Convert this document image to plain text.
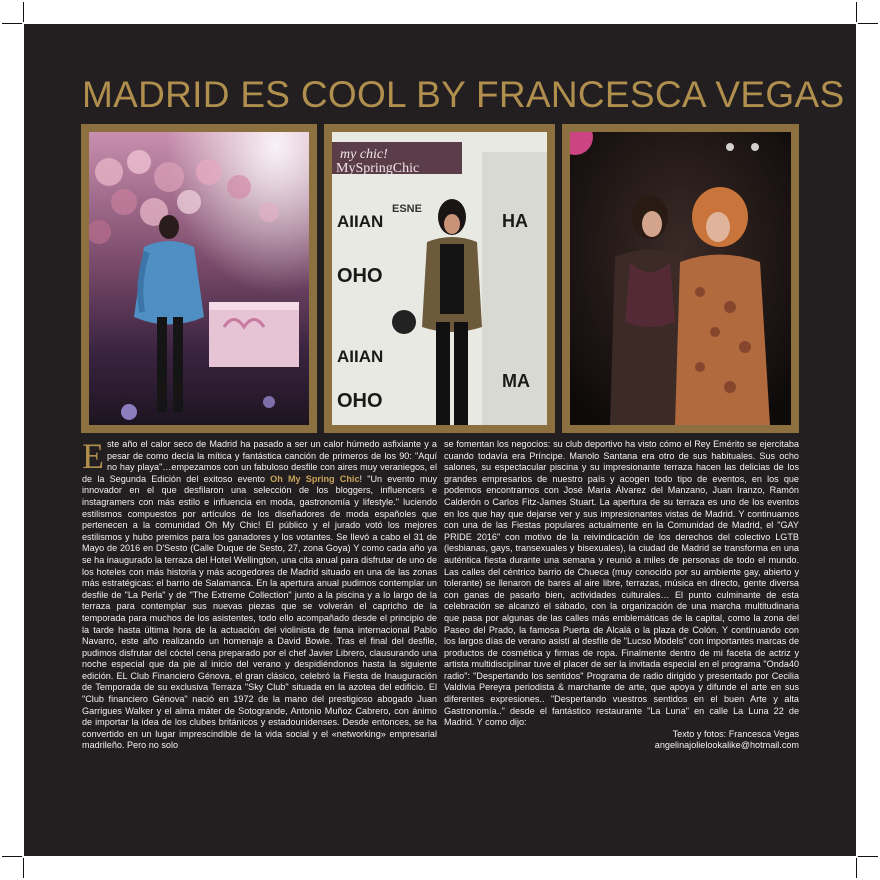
MADRID ES COOL BY FRANCESCA VEGAS
my chic!
MySpringChic
AIIAN
OHO
AIIAN
OHO
ESNE
HA
MA

Este año el calor seco de Madrid ha pasado a ser un calor húmedo asfixiante y a pesar de como decía la mítica y fantástica canción de primeros de los 90: "Aquí no hay playa"…empezamos con un fabuloso desfile con aires muy veraniegos, el de la Segunda Edición del exitoso evento Oh My Spring Chic! "Un evento muy innovador en el que desfilaron una selección de los bloggers, influencers e instagramers con más estilo e influencia en moda, gastronomía y lifestyle." luciendo estilismos compuestos por artículos de los diseñadores de moda españoles que pertenecen a la comunidad Oh My Chic! El público y el jurado votó los mejores estilismos y hubo premios para los ganadores y los votantes. Se llevó a cabo el 31 de Mayo de 2016 en D'Sesto (Calle Duque de Sesto, 27, zona Goya) Y como cada año ya se ha inaugurado la terraza del Hotel Wellington, una cita anual para disfrutar de uno de los hoteles con más historia y más acogedores de Madrid situado en una de las zonas más estratégicas: el barrio de Salamanca. En la apertura anual pudimos contemplar un desfile de "La Perla" y de "The Extreme Collection" junto a la piscina y a lo largo de la terraza para contemplar sus nuevas piezas que se volverán el capricho de la temporada para muchos de los asistentes, todo ello acompañado desde el principio de la tarde hasta última hora de la actuación del violinista de fama internacional Pablo Navarro, este año realizando un homenaje a David Bowie. Tras el final del desfile, pudimos disfrutar del cóctel cena preparado por el chef Javier Librero, clausurando una noche especial que da pie al inicio del verano y despidiéndonos hasta la siguiente edición. EL Club Financiero Génova, el gran clásico, celebró la Fiesta de Inauguración de Temporada de su exclusiva Terraza "Sky Club" situada en la azotea del edificio. El "Club financiero Génova" nació en 1972 de la mano del prestigioso abogado Juan Garrigues Walker y el alma máter de Sotogrande, Antonio Muñoz Cabrero, con ánimo de importar la idea de los clubes británicos y estadounidenses. Desde entonces, se ha convertido en un lugar imprescindible de la vida social y el «networking» empresarial madrileño. Pero no solo

se fomentan los negocios: su club deportivo ha visto cómo el Rey Emérito se ejercitaba cuando todavía era Príncipe. Manolo Santana era otro de sus habituales. Sus ocho salones, su espectacular piscina y su impresionante terraza hacen las delicias de los grandes empresarios de nuestro país y acogen todo tipo de eventos, en los que podemos encontrarnos con José María Álvarez del Manzano, Juan Iranzo, Ramón Calderón o Carlos Fitz-James Stuart. La apertura de su terraza es uno de los eventos en los que hay que dejarse ver y sus impresionantes vistas de Madrid. Y continuamos con una de las Fiestas populares actualmente en la Comunidad de Madrid, el "GAY PRIDE 2016" con motivo de la reivindicación de los derechos del colectivo LGTB (lesbianas, gays, transexuales y bisexuales), la ciudad de Madrid se transforma en una auténtica fiesta durante una semana y reunió a miles de personas de todo el mundo. Las calles del céntrico barrio de Chueca (muy conocido por su ambiente gay, abierto y tolerante) se llenaron de bares al aire libre, terrazas, música en directo, gente diversa con ganas de pasarlo bien, actividades culturales… El punto culminante de esta celebración se alcanzó el sábado, con la organización de una marcha multitudinaria que pasa por algunas de las calles más emblemáticas de la capital, como la zona del Paseo del Prado, la famosa Puerta de Alcalá o la plaza de Colón. Y continuando con los largos días de verano asistí al desfile de "Lucso Models" con importantes marcas de productos de cosmética y firmas de ropa. Finalmente dentro de mi faceta de actriz y artista multidisciplinar tuve el placer de ser la invitada especial en el programa "Onda40 radio": "Despertando los sentidos" Programa de radio dirigido y presentado por Cecilia Valdivia Pereyra periodista & marchante de arte, que apoya y difunde el arte en sus diferentes expresiones.. "Despertando vuestros sentidos en el buen Arte y alta Gastronomía.." desde el fantástico restaurante "La Luna" en calle La Luna 22 de Madrid. Y como dijo:

Texto y fotos: Francesca Vegas
angelinajolielookalike@hotmail.com
